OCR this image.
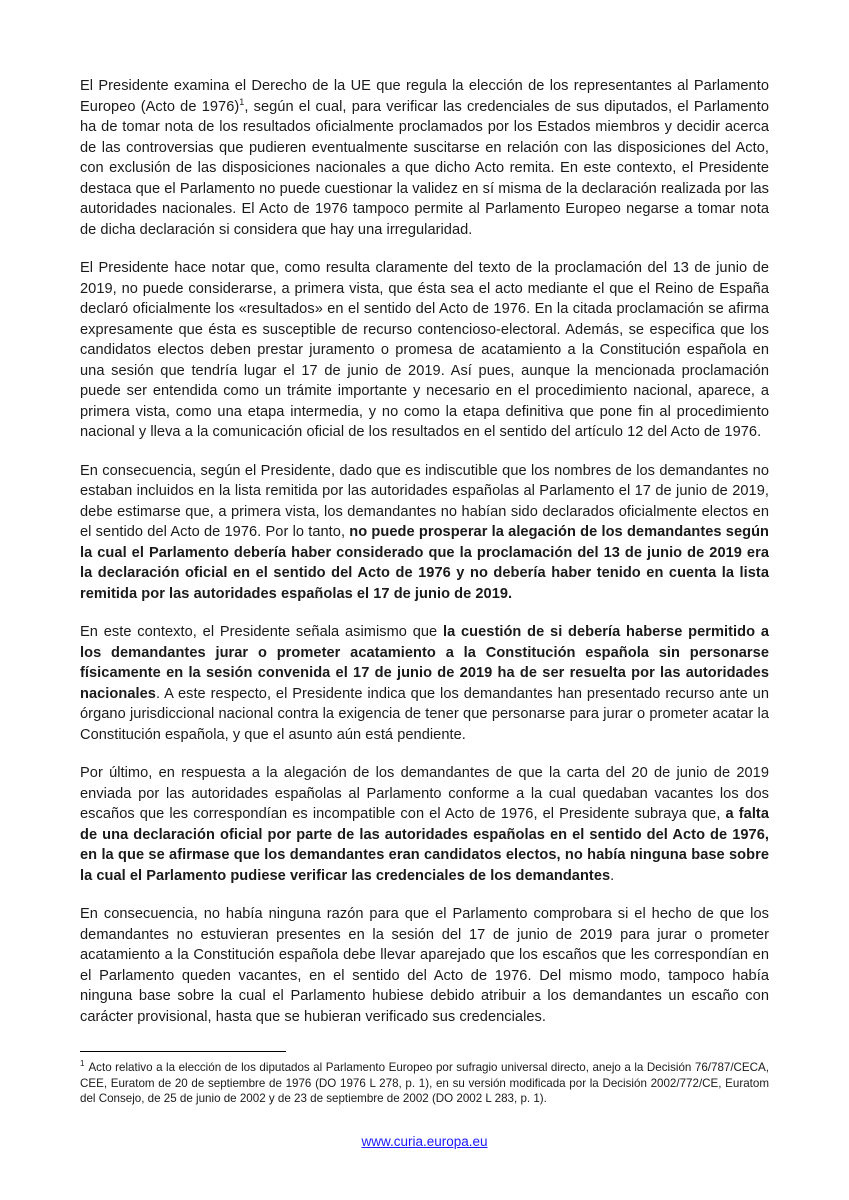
El Presidente examina el Derecho de la UE que regula la elección de los representantes al Parlamento Europeo (Acto de 1976)$^1$, según el cual, para verificar las credenciales de sus diputados, el Parlamento ha de tomar nota de los resultados oficialmente proclamados por los Estados miembros y decidir acerca de las controversias que pudieren eventualmente suscitarse en relación con las disposiciones del Acto, con exclusión de las disposiciones nacionales a que dicho Acto remita. En este contexto, el Presidente destaca que el Parlamento no puede cuestionar la validez en sí misma de la declaración realizada por las autoridades nacionales. El Acto de 1976 tampoco permite al Parlamento Europeo negarse a tomar nota de dicha declaración si considera que hay una irregularidad.

El Presidente hace notar que, como resulta claramente del texto de la proclamación del 13 de junio de 2019, no puede considerarse, a primera vista, que ésta sea el acto mediante el que el Reino de España declaró oficialmente los «resultados» en el sentido del Acto de 1976. En la citada proclamación se afirma expresamente que ésta es susceptible de recurso contencioso-electoral. Además, se especifica que los candidatos electos deben prestar juramento o promesa de acatamiento a la Constitución española en una sesión que tendría lugar el 17 de junio de 2019. Así pues, aunque la mencionada proclamación puede ser entendida como un trámite importante y necesario en el procedimiento nacional, aparece, a primera vista, como una etapa intermedia, y no como la etapa definitiva que pone fin al procedimiento nacional y lleva a la comunicación oficial de los resultados en el sentido del artículo 12 del Acto de 1976.

En consecuencia, según el Presidente, dado que es indiscutible que los nombres de los demandantes no estaban incluidos en la lista remitida por las autoridades españolas al Parlamento el 17 de junio de 2019, debe estimarse que, a primera vista, los demandantes no habían sido declarados oficialmente electos en el sentido del Acto de 1976. Por lo tanto, no puede prosperar la alegación de los demandantes según la cual el Parlamento debería haber considerado que la proclamación del 13 de junio de 2019 era la declaración oficial en el sentido del Acto de 1976 y no debería haber tenido en cuenta la lista remitida por las autoridades españolas el 17 de junio de 2019.

En este contexto, el Presidente señala asimismo que la cuestión de si debería haberse permitido a los demandantes jurar o prometer acatamiento a la Constitución española sin personarse físicamente en la sesión convenida el 17 de junio de 2019 ha de ser resuelta por las autoridades nacionales. A este respecto, el Presidente indica que los demandantes han presentado recurso ante un órgano jurisdiccional nacional contra la exigencia de tener que personarse para jurar o prometer acatar la Constitución española, y que el asunto aún está pendiente.

Por último, en respuesta a la alegación de los demandantes de que la carta del 20 de junio de 2019 enviada por las autoridades españolas al Parlamento conforme a la cual quedaban vacantes los dos escaños que les correspondían es incompatible con el Acto de 1976, el Presidente subraya que, a falta de una declaración oficial por parte de las autoridades españolas en el sentido del Acto de 1976, en la que se afirmase que los demandantes eran candidatos electos, no había ninguna base sobre la cual el Parlamento pudiese verificar las credenciales de los demandantes.

En consecuencia, no había ninguna razón para que el Parlamento comprobara si el hecho de que los demandantes no estuvieran presentes en la sesión del 17 de junio de 2019 para jurar o prometer acatamiento a la Constitución española debe llevar aparejado que los escaños que les correspondían en el Parlamento queden vacantes, en el sentido del Acto de 1976. Del mismo modo, tampoco había ninguna base sobre la cual el Parlamento hubiese debido atribuir a los demandantes un escaño con carácter provisional, hasta que se hubieran verificado sus credenciales.

$^1$ Acto relativo a la elección de los diputados al Parlamento Europeo por sufragio universal directo, anejo a la Decisión 76/787/CECA, CEE, Euratom de 20 de septiembre de 1976 (DO 1976 L 278, p. 1), en su versión modificada por la Decisión 2002/772/CE, Euratom del Consejo, de 25 de junio de 2002 y de 23 de septiembre de 2002 (DO 2002 L 283, p. 1).

www.curia.europa.eu
